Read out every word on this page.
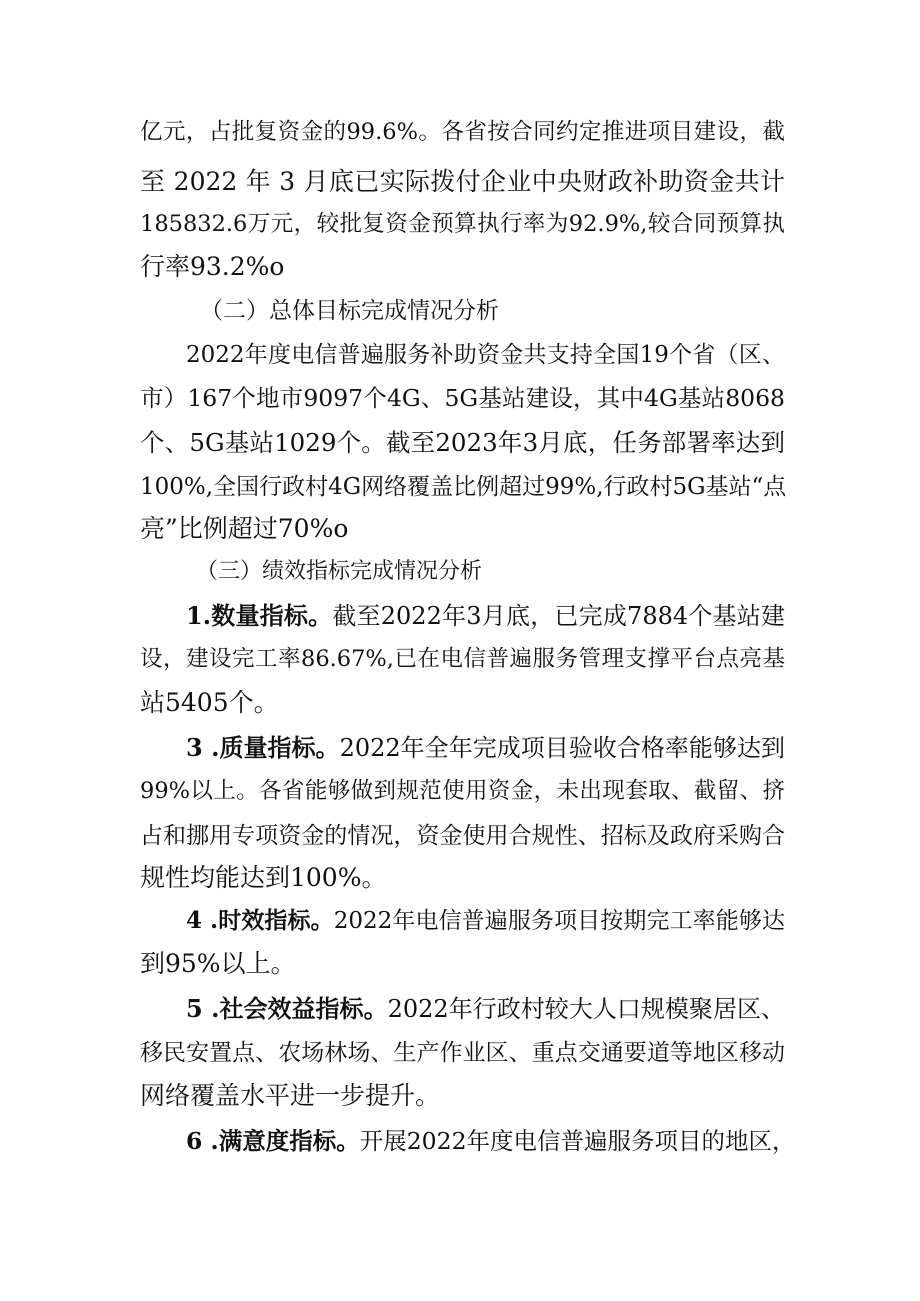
亿元，占批复资金的99.6%。各省按合同约定推进项目建设，截
至 2022 年 3 月底已实际拨付企业中央财政补助资金共计
185832.6万元，较批复资金预算执行率为92.9%,较合同预算执
行率93.2%o
（二）总体目标完成情况分析
2022年度电信普遍服务补助资金共支持全国19个省（区、
市）167个地市9097个4G、5G基站建设，其中4G基站8068
个、5G基站1029个。截至2023年3月底，任务部署率达到
100%,全国行政村4G网络覆盖比例超过99%,行政村5G基站“点
亮”比例超过70%o
（三）绩效指标完成情况分析
1.数量指标。截至2022年3月底，已完成7884个基站建
设，建设完工率86.67%,已在电信普遍服务管理支撑平台点亮基
站5405个。
3 .质量指标。2022年全年完成项目验收合格率能够达到
99%以上。各省能够做到规范使用资金，未出现套取、截留、挤
占和挪用专项资金的情况，资金使用合规性、招标及政府采购合
规性均能达到100%。
4 .时效指标。2022年电信普遍服务项目按期完工率能够达
到95%以上。
5 .社会效益指标。2022年行政村较大人口规模聚居区、
移民安置点、农场林场、生产作业区、重点交通要道等地区移动
网络覆盖水平进一步提升。
6 .满意度指标。开展2022年度电信普遍服务项目的地区，
